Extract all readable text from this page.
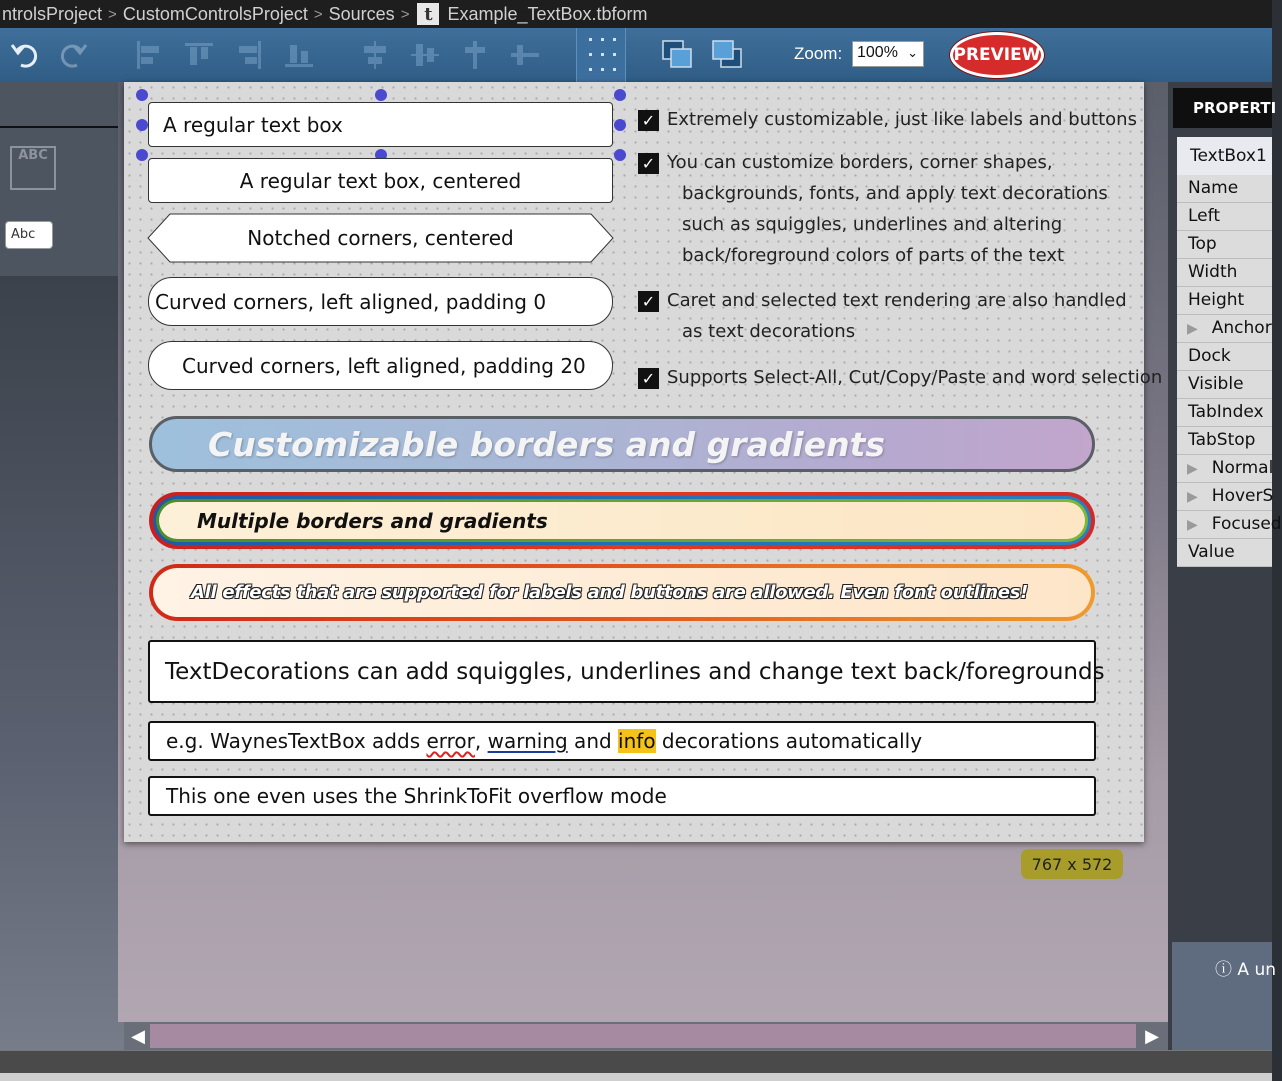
ntrolsProject > CustomControlsProject > Sources > t Example_TextBox.tbform
Zoom: 100% ⌄ PREVIEW
ABC
Abc
A regular text box
A regular text box, centered
Notched corners, centered
Curved corners, left aligned, padding 0
Curved corners, left aligned, padding 20
✓ Extremely customizable, just like labels and buttons
✓ You can customize borders, corner shapes,
backgrounds, fonts, and apply text decorations
such as squiggles, underlines and altering
back/foreground colors of parts of the text
✓ Caret and selected text rendering are also handled
as text decorations
✓ Supports Select-All, Cut/Copy/Paste and word selection
Customizable borders and gradients
Multiple borders and gradients
All effects that are supported for labels and buttons are allowed. Even font outlines!
TextDecorations can add squiggles, underlines and change text back/foregrounds
e.g. WaynesTextBox adds error , warning and info decorations automatically
This one even uses the ShrinkToFit overflow mode
767 x 572
◀	▶
PROPERTI
TextBox1
Name
Left
Top
Width
Height
▶ Anchor
Dock
Visible
TabIndex
TabStop
▶ Normal
▶ HoverS
▶ Focused
Value
ⓘ A un
